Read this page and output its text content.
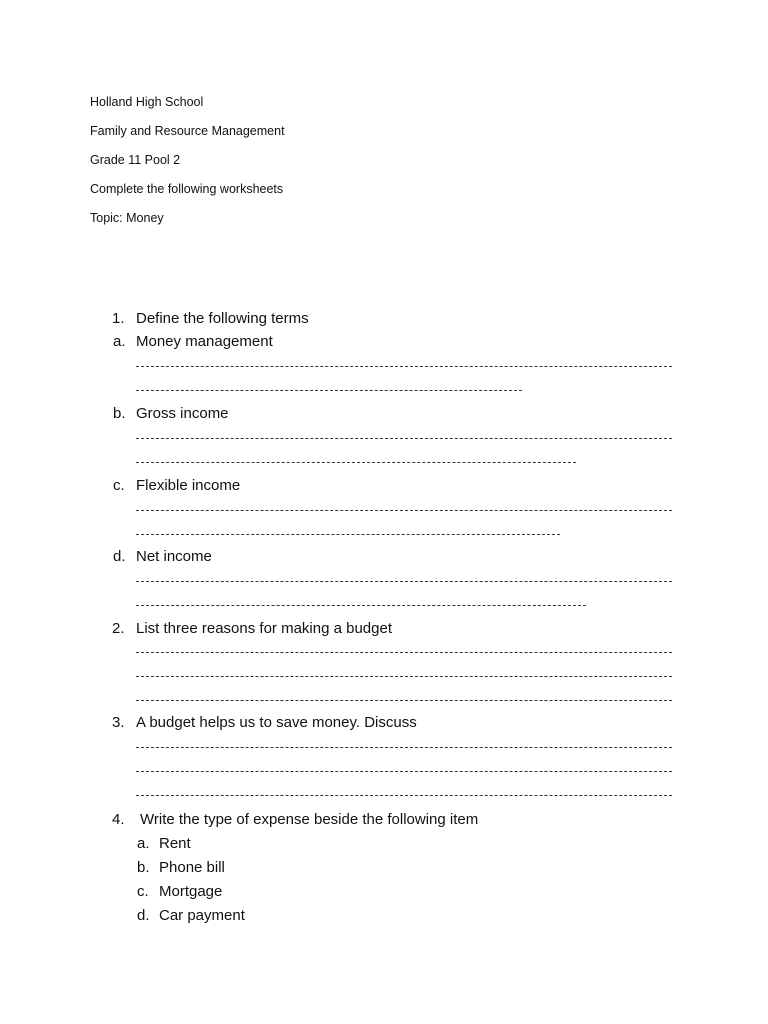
Holland High School
Family and Resource Management
Grade 11 Pool 2
Complete the following worksheets
Topic: Money
1. Define the following terms
a. Money management
b. Gross income
c. Flexible income
d. Net income
2. List three reasons for making a budget
3. A budget helps us to save money. Discuss
4. Write the type of expense beside the following item
a. Rent
b. Phone bill
c. Mortgage
d. Car payment
